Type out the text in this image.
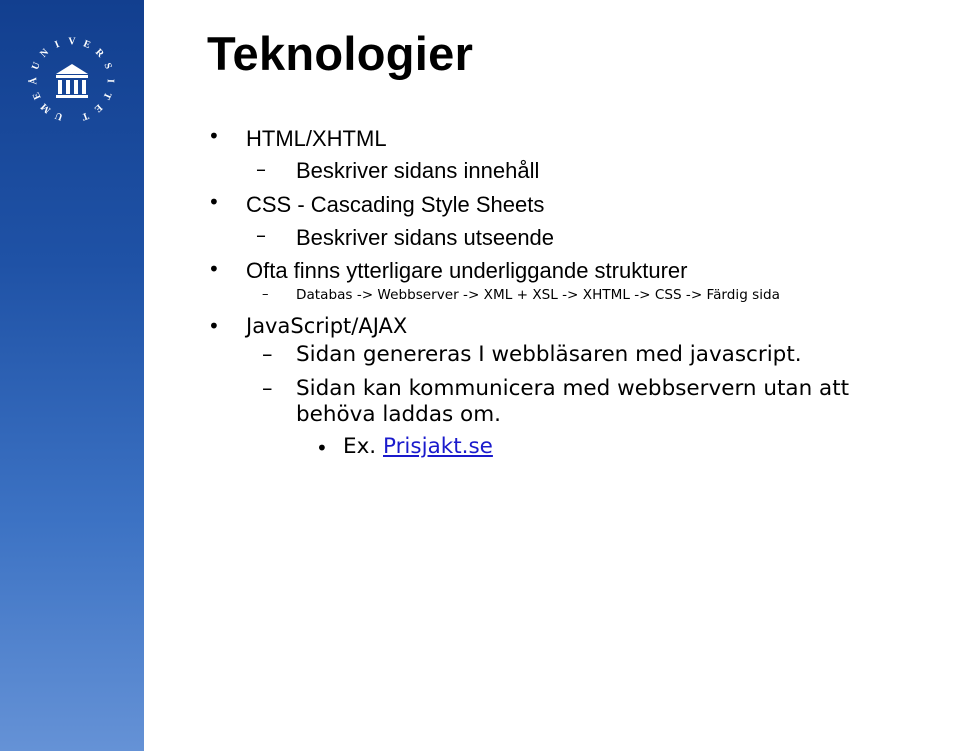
U
M
E
Å
U
N
I V E
R
S
I
T
E
T
Teknologier
• HTML/XHTML
– Beskriver sidans innehåll
• CSS - Cascading Style Sheets
– Beskriver sidans utseende
• Ofta finns ytterligare underliggande strukturer
– Databas -> Webbserver -> XML + XSL -> XHTML -> CSS -> Färdig sida
• JavaScript/AJAX
– Sidan genereras I webbläsaren med javascript.
– Sidan kan kommunicera med webbservern utan att
behöva laddas om.
• Ex. Prisjakt.se
